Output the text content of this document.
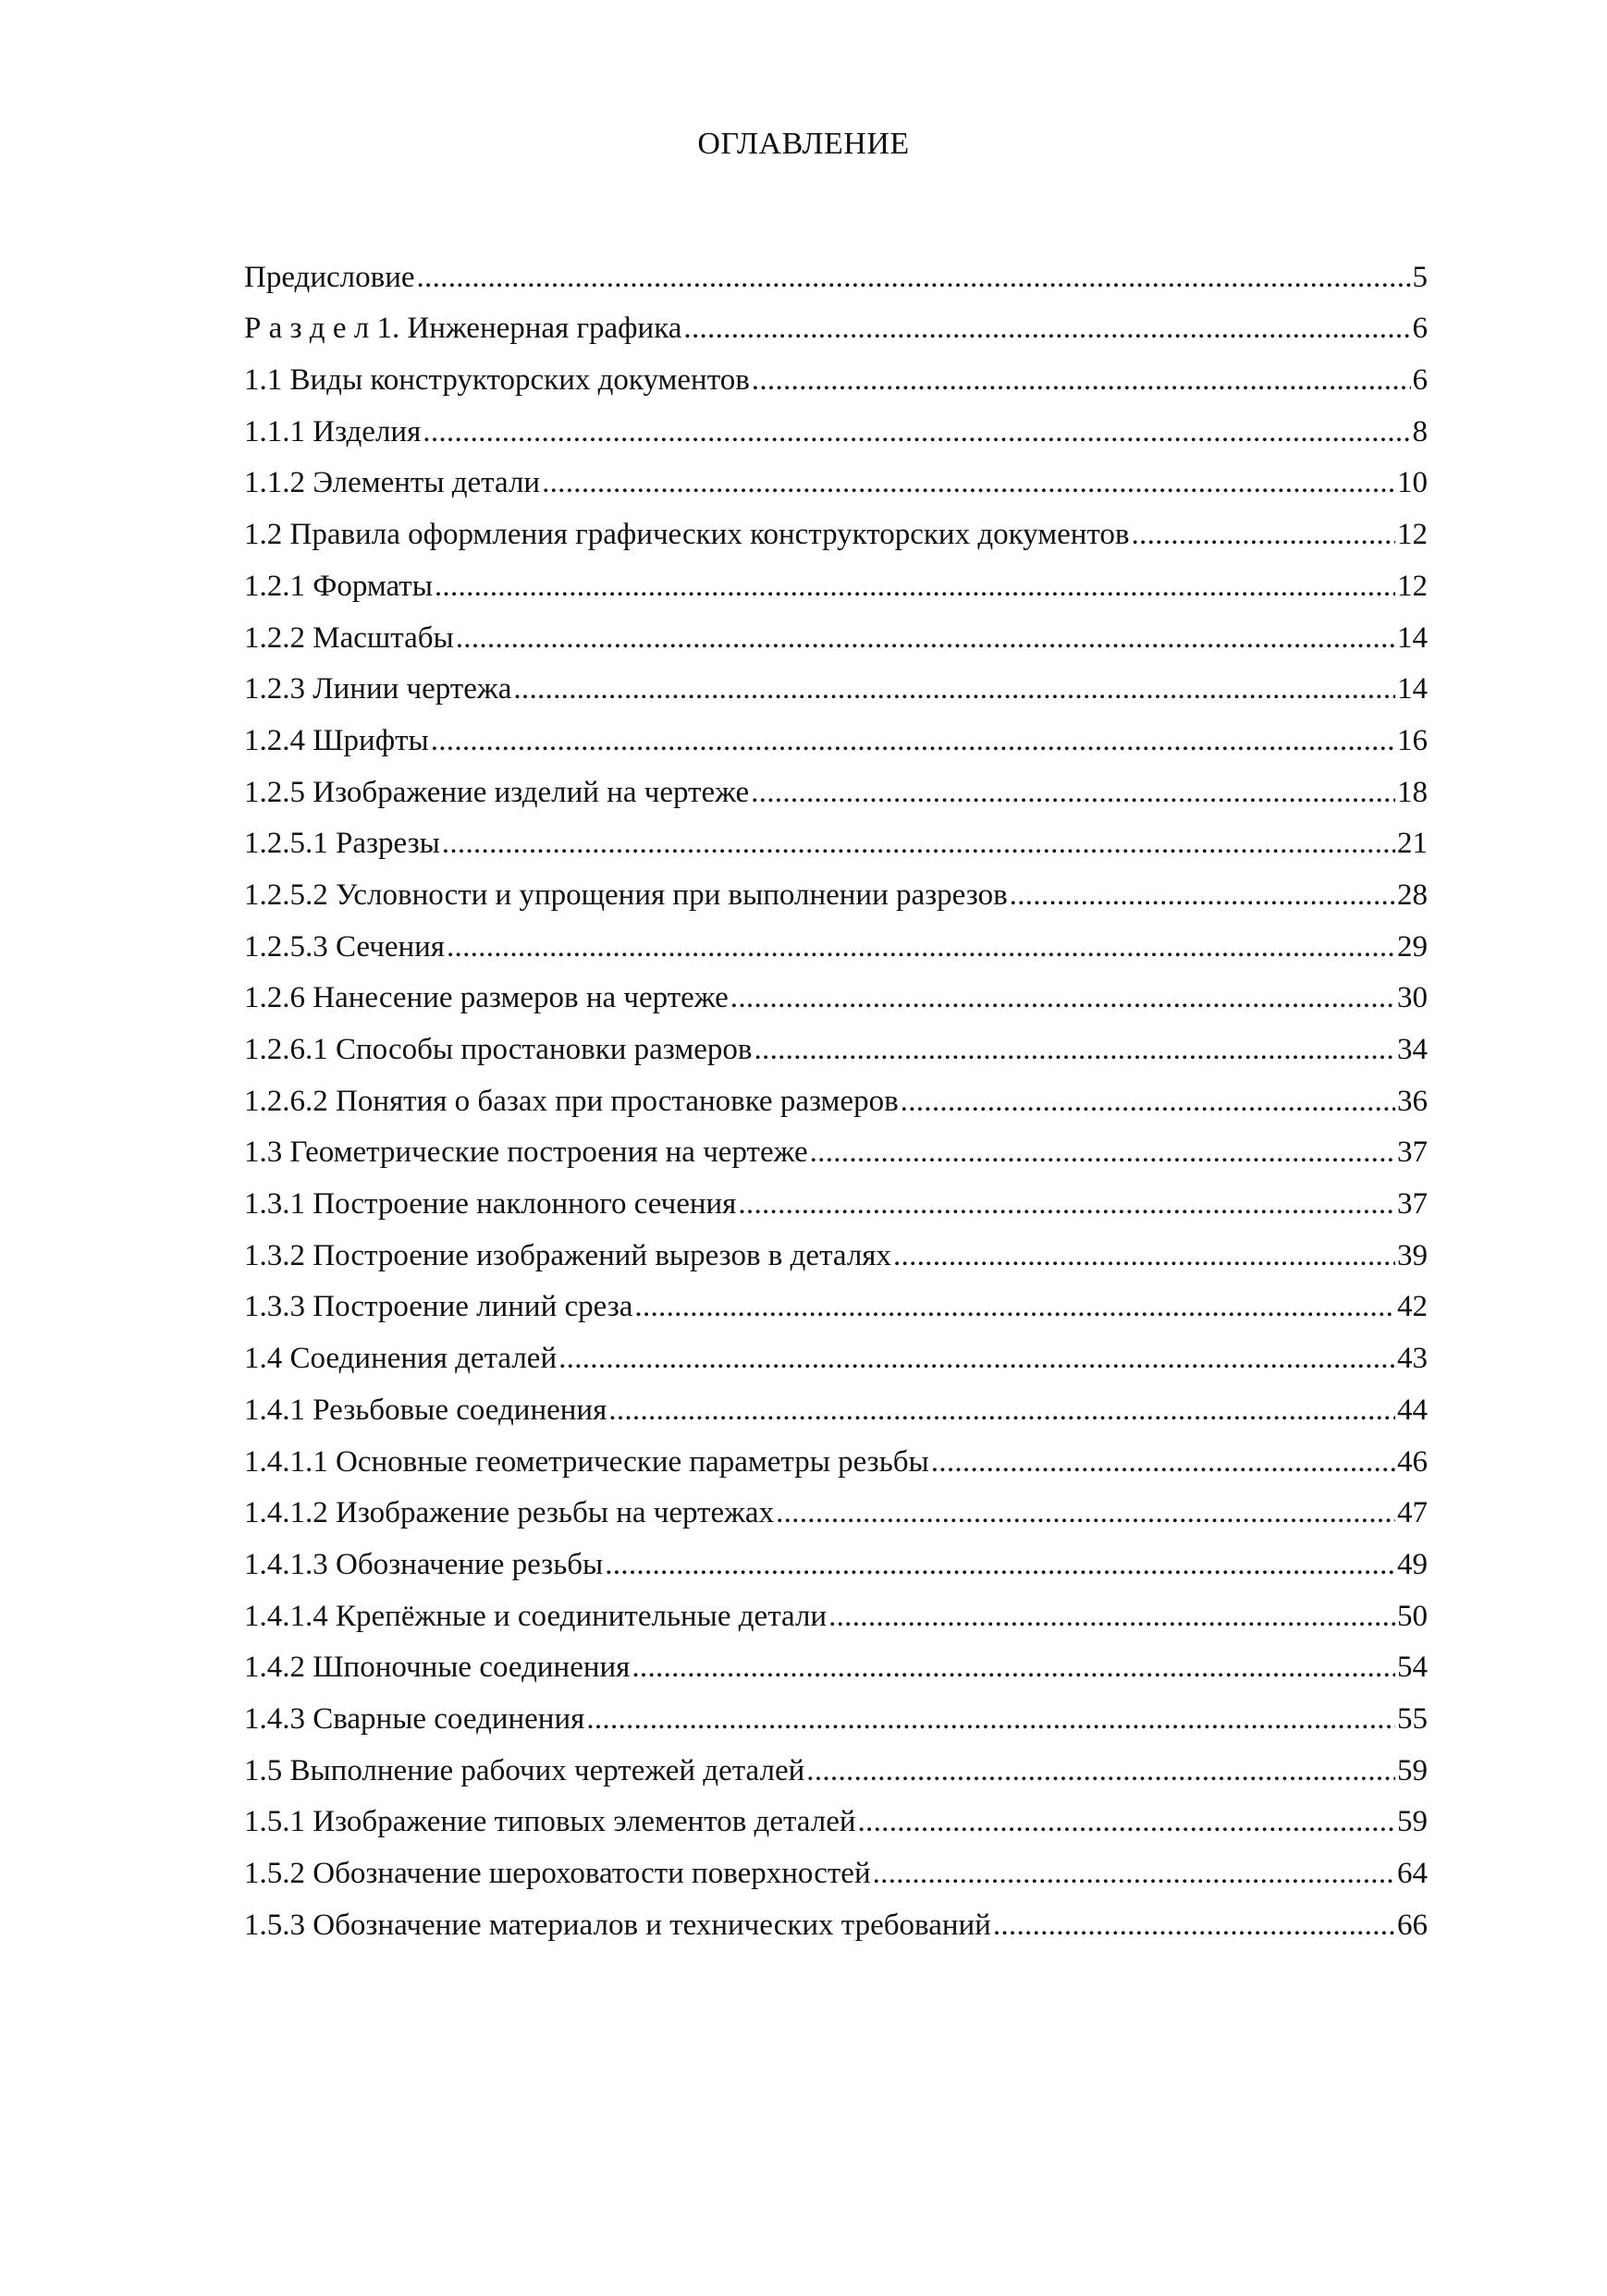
ОГЛАВЛЕНИЕ
Предисловие .....	5
Р а з д е л 1. Инженерная графика .....	6
1.1 Виды конструкторских документов .....	6
1.1.1 Изделия .....	8
1.1.2 Элементы детали .....	10
1.2 Правила оформления графических конструкторских документов .....	12
1.2.1 Форматы .....	12
1.2.2 Масштабы .....	14
1.2.3 Линии чертежа .....	14
1.2.4 Шрифты .....	16
1.2.5 Изображение изделий на чертеже .....	18
1.2.5.1 Разрезы .....	21
1.2.5.2 Условности и упрощения при выполнении разрезов .....	28
1.2.5.3 Сечения .....	29
1.2.6 Нанесение размеров на чертеже .....	30
1.2.6.1 Способы простановки размеров .....	34
1.2.6.2 Понятия о базах при простановке размеров .....	36
1.3 Геометрические построения на чертеже .....	37
1.3.1 Построение наклонного сечения .....	37
1.3.2 Построение изображений вырезов в деталях .....	39
1.3.3 Построение линий среза .....	42
1.4 Соединения деталей .....	43
1.4.1 Резьбовые соединения .....	44
1.4.1.1 Основные геометрические параметры резьбы .....	46
1.4.1.2 Изображение резьбы на чертежах .....	47
1.4.1.3 Обозначение резьбы .....	49
1.4.1.4 Крепёжные и соединительные детали .....	50
1.4.2 Шпоночные соединения .....	54
1.4.3 Сварные соединения .....	55
1.5 Выполнение рабочих чертежей деталей .....	59
1.5.1 Изображение типовых элементов деталей .....	59
1.5.2 Обозначение шероховатости поверхностей .....	64
1.5.3 Обозначение материалов и технических требований .....	66
